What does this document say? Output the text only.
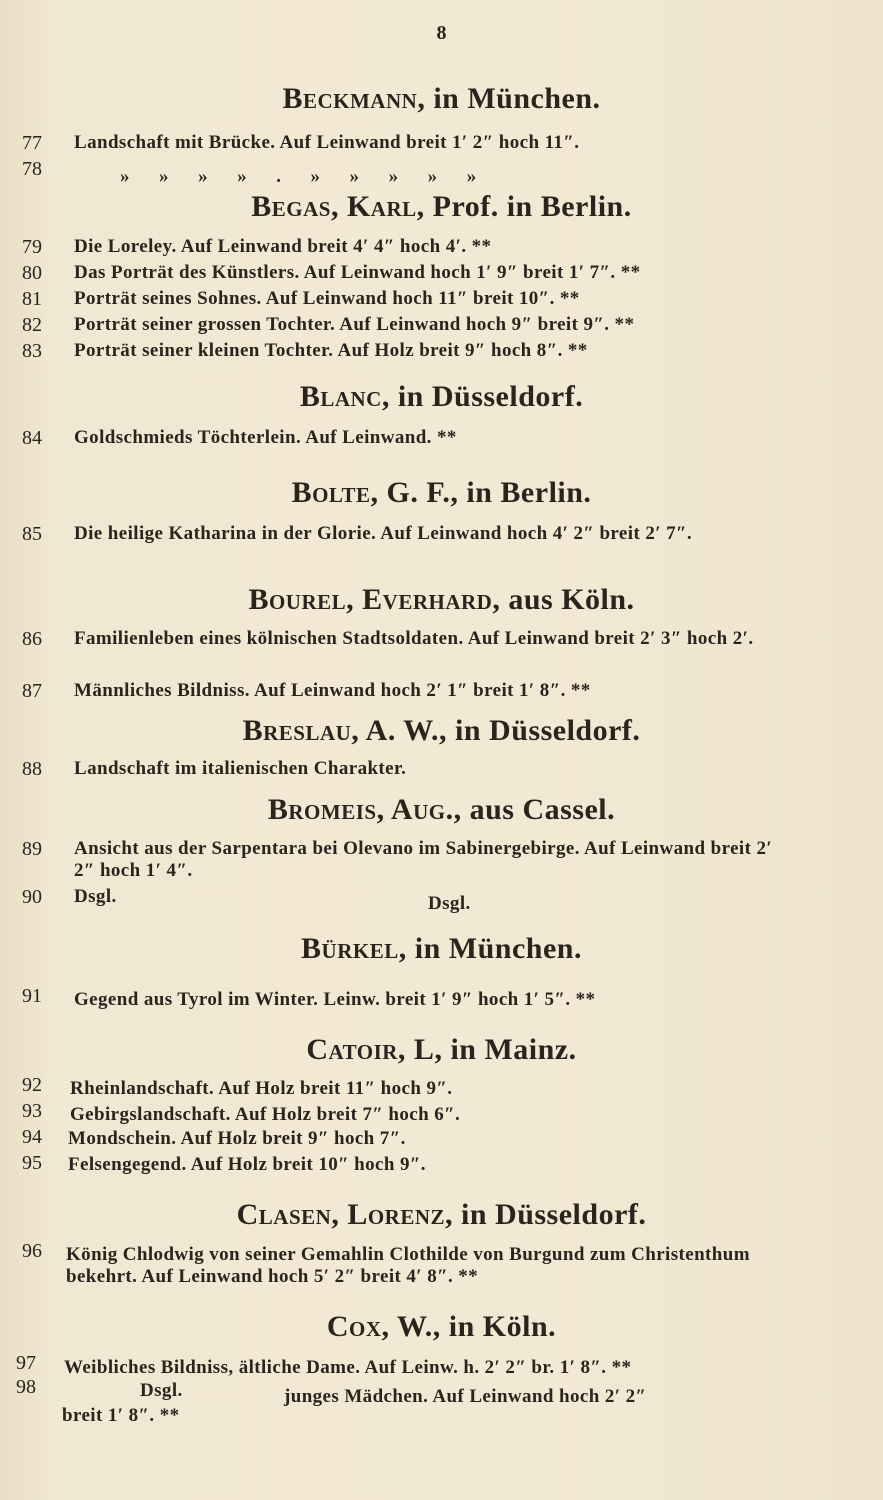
8
Beckmann, in München.
77	Landschaft mit Brücke. Auf Leinwand breit 1′ 2″ hoch 11″.
78	» » » » . » » » » »
Begas, Karl, Prof. in Berlin.
79	Die Loreley. Auf Leinwand breit 4′ 4″ hoch 4′. **
80	Das Porträt des Künstlers. Auf Leinwand hoch 1′ 9″ breit 1′ 7″. **
81	Porträt seines Sohnes. Auf Leinwand hoch 11″ breit 10″. **
82	Porträt seiner grossen Tochter. Auf Leinwand hoch 9″ breit 9″. **
83	Porträt seiner kleinen Tochter. Auf Holz breit 9″ hoch 8″. **
Blanc, in Düsseldorf.
84	Goldschmieds Töchterlein. Auf Leinwand. **
Bolte, G. F., in Berlin.
85	Die heilige Katharina in der Glorie. Auf Leinwand hoch 4′ 2″ breit 2′ 7″.
Bourel, Everhard, aus Köln.
86	Familienleben eines kölnischen Stadtsoldaten. Auf Leinwand breit 2′ 3″ hoch 2′.
87	Männliches Bildniss. Auf Leinwand hoch 2′ 1″ breit 1′ 8″. **
Breslau, A. W., in Düsseldorf.
88	Landschaft im italienischen Charakter.
Bromeis, Aug., aus Cassel.
89	Ansicht aus der Sarpentara bei Olevano im Sabinergebirge. Auf Leinwand breit 2′ 2″ hoch 1′ 4″.
90	Dsgl.	Dsgl.
Bürkel, in München.
91	Gegend aus Tyrol im Winter. Leinw. breit 1′ 9″ hoch 1′ 5″. **
Catoir, L, in Mainz.
92	Rheinlandschaft. Auf Holz breit 11″ hoch 9″.
93	Gebirgslandschaft. Auf Holz breit 7″ hoch 6″.
94	Mondschein. Auf Holz breit 9″ hoch 7″.
95	Felsengegend. Auf Holz breit 10″ hoch 9″.
Clasen, Lorenz, in Düsseldorf.
96	König Chlodwig von seiner Gemahlin Clothilde von Burgund zum Christenthum bekehrt. Auf Leinwand hoch 5′ 2″ breit 4′ 8″. **
Cox, W., in Köln.
97	Weibliches Bildniss, ältliche Dame. Auf Leinw. h. 2′ 2″ br. 1′ 8″. **
98	Dsgl.	junges Mädchen. Auf Leinwand hoch 2′ 2″
breit 1′ 8″. **
